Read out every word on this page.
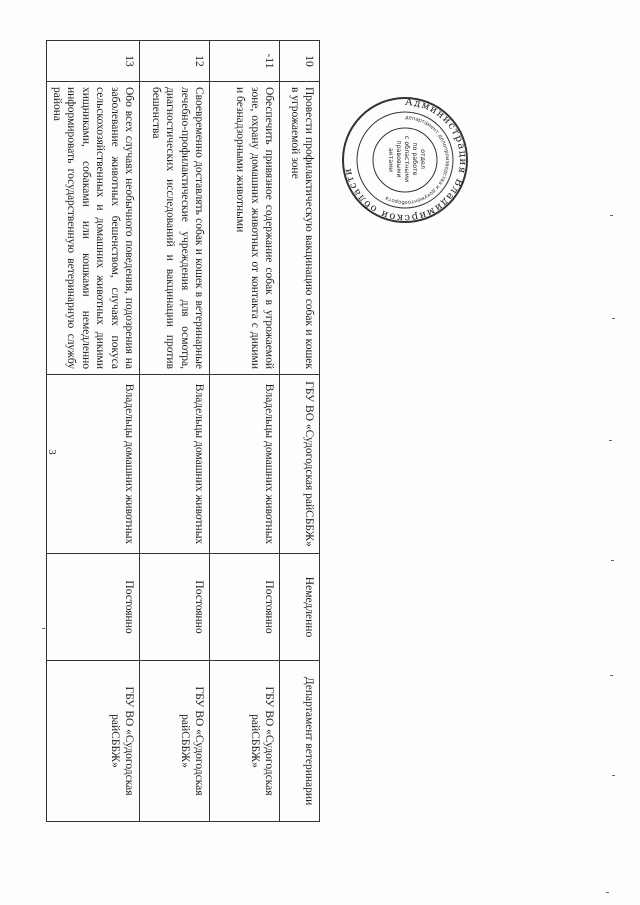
3
10	Провести профилактическую вакцинацию собак и кошек в угрожаемой зоне	ГБУ ВО «Судогодская райСББЖ»	Немедленно	Департамент ветеринарии
-11	Обеспечить привязное содержание собак в угрожаемой зоне, охрану домашних животных от контакта с дикими и безнадзорными животными	Владельцы домашних животных	Постоянно	ГБУ ВО «Судогодская райСББЖ»
12	Своевременно доставлять собак и кошек в ветеринарные лечебно-профилактические учреждения для осмотра, диагностических исследований и вакцинации против бешенства	Владельцы домашних животных	Постоянно	ГБУ ВО «Судогодская райСББЖ»
13	Обо всех случаях необычного поведения, подозрения на заболевание животных бешенством, случаях покуса сельскохозяйственных и домашних животных дикими хищниками, собаками или кошками немедленно информировать государственную ветеринарную службу района	Владельцы домашних животных	Постоянно	ГБУ ВО «Судогодская райСББЖ»
Администрация Владимирской области
департамент делопроизводства и документооборота
отдел по работе с областными правовыми актами
